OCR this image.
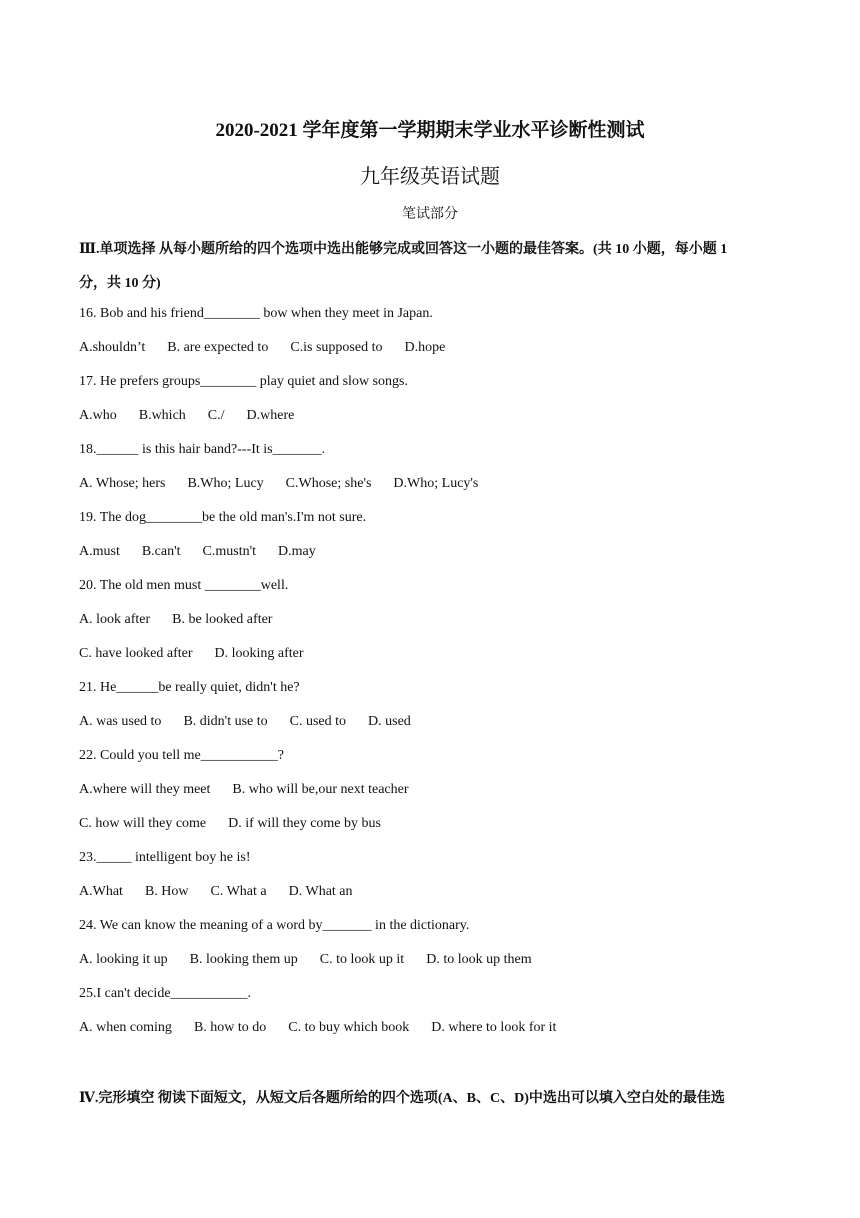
2020-2021 学年度第一学期期末学业水平诊断性测试
九年级英语试题
笔试部分
Ⅲ.单项选择 从每小题所给的四个选项中选出能够完成或回答这一小题的最佳答案。(共 10 小题，每小题 1
分，共 10 分)
16. Bob and his friend________ bow when they meet in Japan.
A.shouldn’t B. are expected to C.is supposed to D.hope
17. He prefers groups________ play quiet and slow songs.
A.who B.which C./ D.where
18.______ is this hair band?---It is_______.
A. Whose; hers B.Who; Lucy C.Whose; she's D.Who; Lucy's
19. The dog________be the old man's.I'm not sure.
A.must B.can't C.mustn't D.may
20. The old men must ________well.
A. look after B. be looked after
C. have looked after D. looking after
21. He______be really quiet, didn't he?
A. was used to B. didn't use to C. used to D. used
22. Could you tell me___________?
A.where will they meet B. who will be,our next teacher
C. how will they come D. if will they come by bus
23._____ intelligent boy he is!
A.What B. How C. What a D. What an
24. We can know the meaning of a word by_______ in the dictionary.
A. looking it up B. looking them up C. to look up it D. to look up them
25.I can't decide___________.
A. when coming B. how to do C. to buy which book D. where to look for it
Ⅳ.完形填空 彻读下面短文，从短文后各题所给的四个选项(A、B、C、D)中选出可以填入空白处的最佳选
